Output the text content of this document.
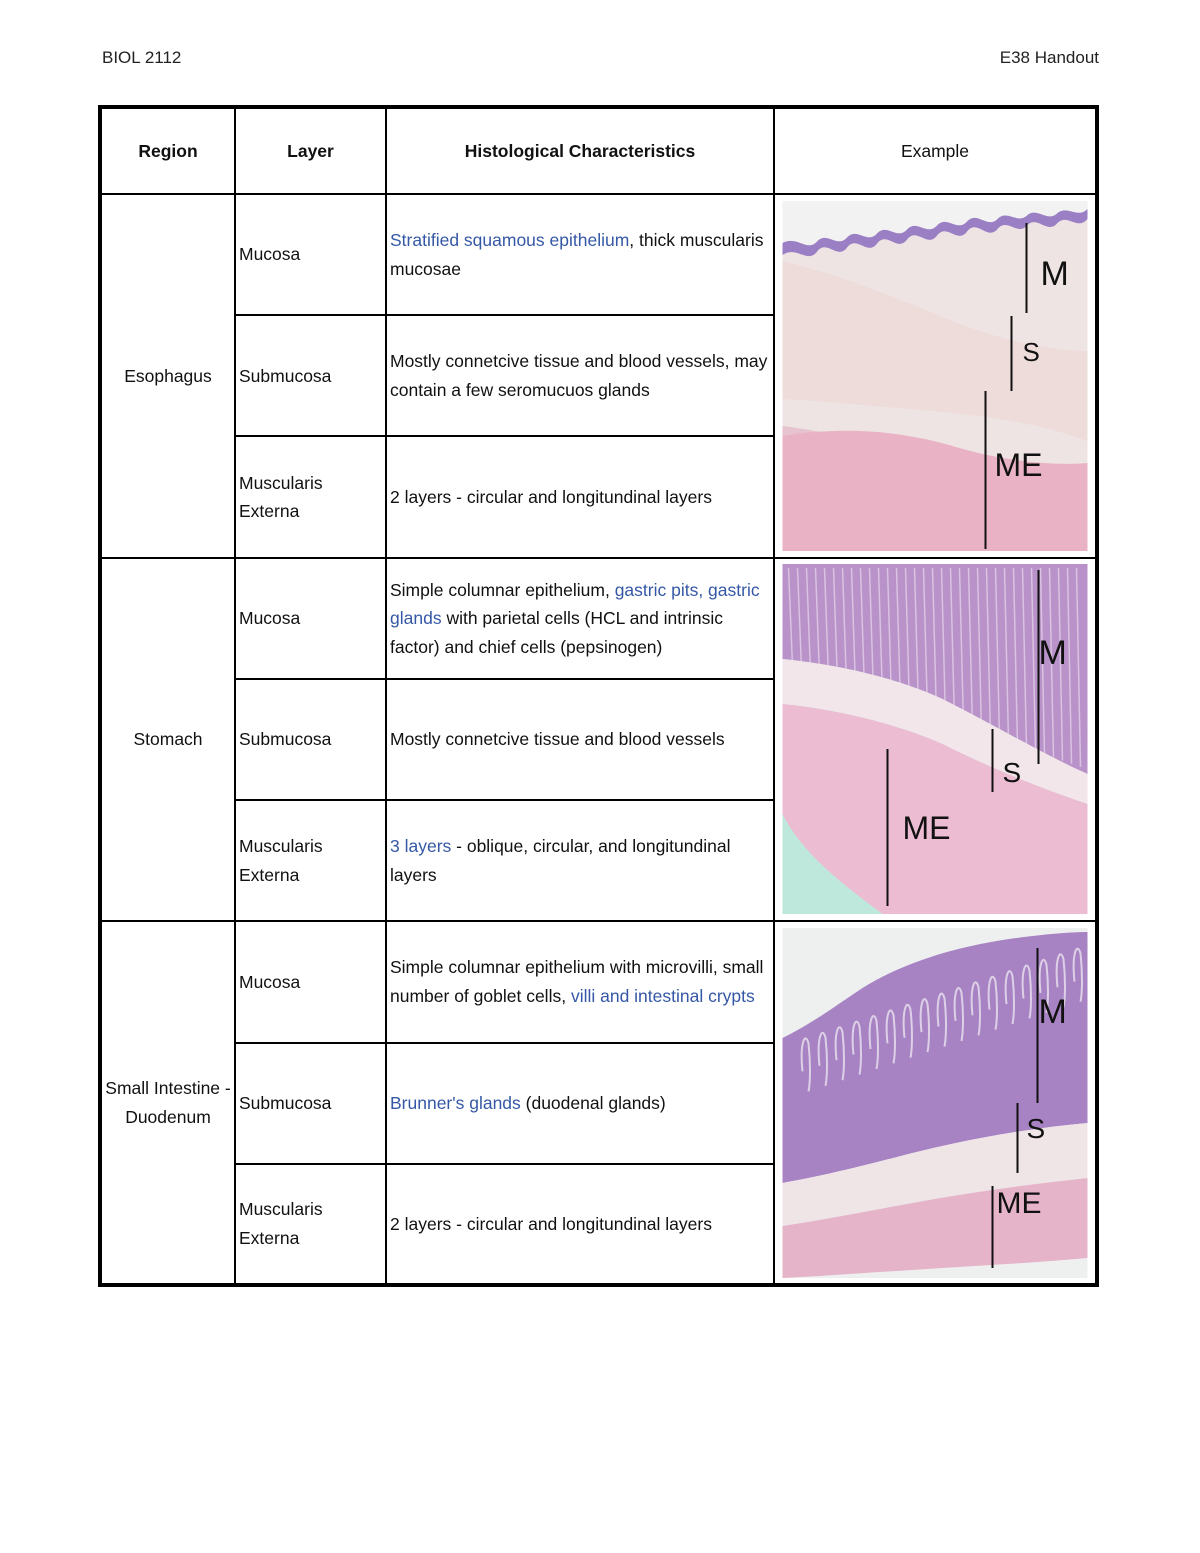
BIOL 2112	E38 Handout
Region	Layer	Histological Characteristics	Example
Esophagus	Mucosa	Stratified squamous epithelium, thick muscularis mucosae	M
S
ME

	Submucosa	Mostly connetcive tissue and blood vessels, may contain a few seromucuos glands	
	Muscularis Externa	2 layers - circular and longitundinal layers	
Stomach	Mucosa	Simple columnar epithelium, gastric pits, gastric glands with parietal cells (HCL and intrinsic factor) and chief cells (pepsinogen)	M
S
ME

	Submucosa	Mostly connetcive tissue and blood vessels	
	Muscularis Externa	3 layers - oblique, circular, and longitundinal layers	
Small Intestine - Duodenum	Mucosa	Simple columnar epithelium with microvilli, small number of goblet cells, villi and intestinal crypts	M
S
ME

	Submucosa	Brunner's glands (duodenal glands)	
	Muscularis Externa	2 layers - circular and longitundinal layers	
